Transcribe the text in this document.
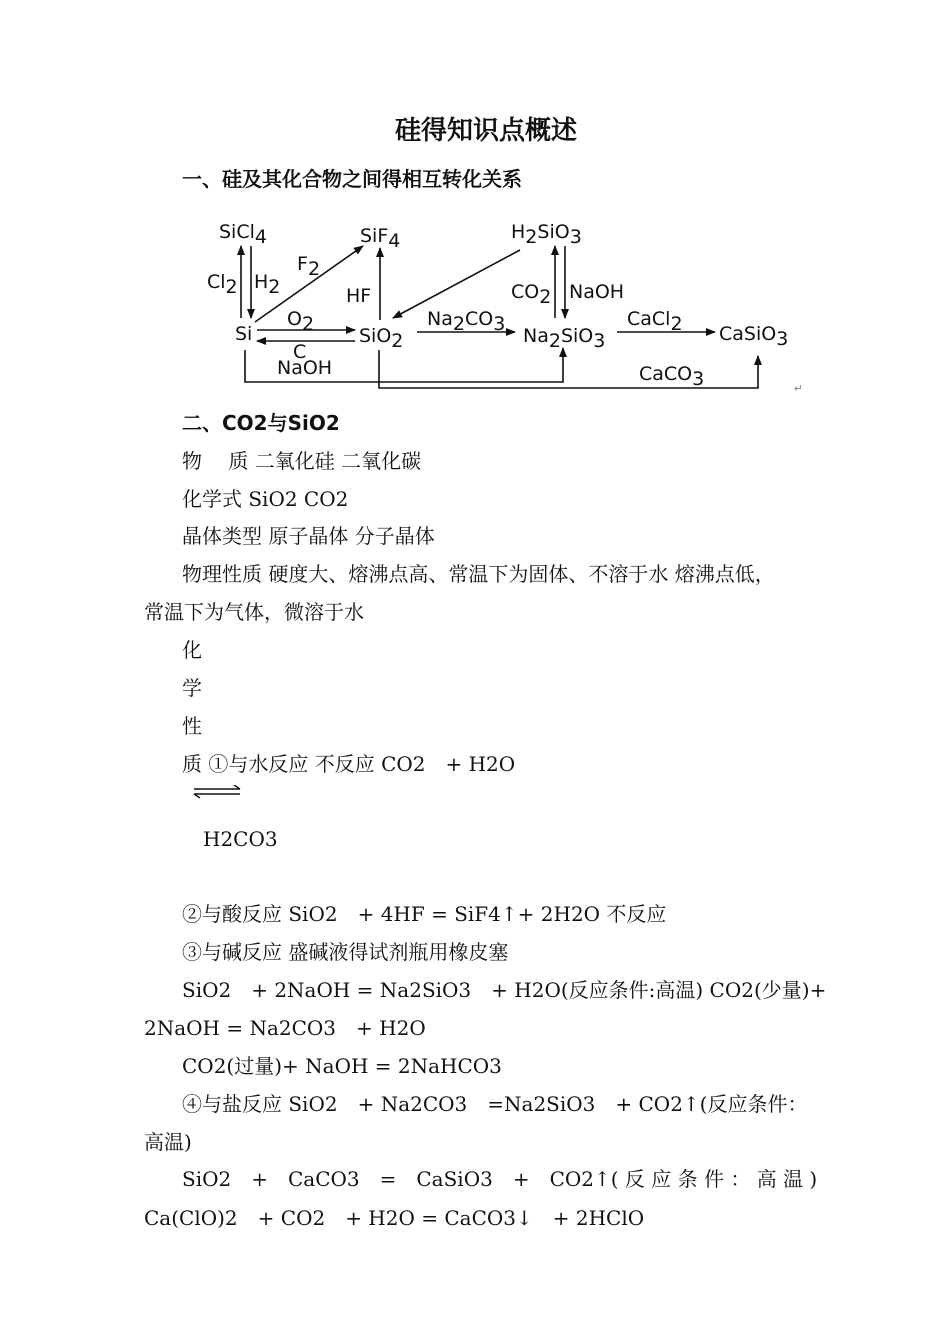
硅得知识点概述
一、硅及其化合物之间得相互转化关系
SiCl4	SiF4	H2SiO3
Si	SiO2	Na2SiO3	CaSiO3
Cl2 H2
F2
HF	CO2 NaOH
O2
C
NaOH
Na2CO3	CaCl2
CaCO3	↵
二、CO2与SiO2
物　 质 二氧化硅 二氧化碳
化学式 SiO2 CO2
晶体类型 原子晶体 分子晶体
物理性质 硬度大、熔沸点高、常温下为固体、不溶于水 熔沸点低，
常温下为气体，微溶于水
化
学
性
质 ①与水反应 不反应 CO2　+ H2O
H2CO3
②与酸反应 SiO2　+ 4HF = SiF4↑+ 2H2O 不反应
③与碱反应 盛碱液得试剂瓶用橡皮塞
SiO2　+ 2NaOH = Na2SiO3　+ H2O(反应条件:高温) CO2(少量)+
2NaOH = Na2CO3　+ H2O
CO2(过量)+ NaOH = 2NaHCO3
④与盐反应 SiO2　+ Na2CO3　=Na2SiO3　+ CO2↑(反应条件：
高温)
SiO2　+　CaCO3　=　CaSiO3　+　CO2↑( 反 应 条 件 ： 高 温 )
Ca(ClO)2　+ CO2　+ H2O = CaCO3↓　+ 2HClO
